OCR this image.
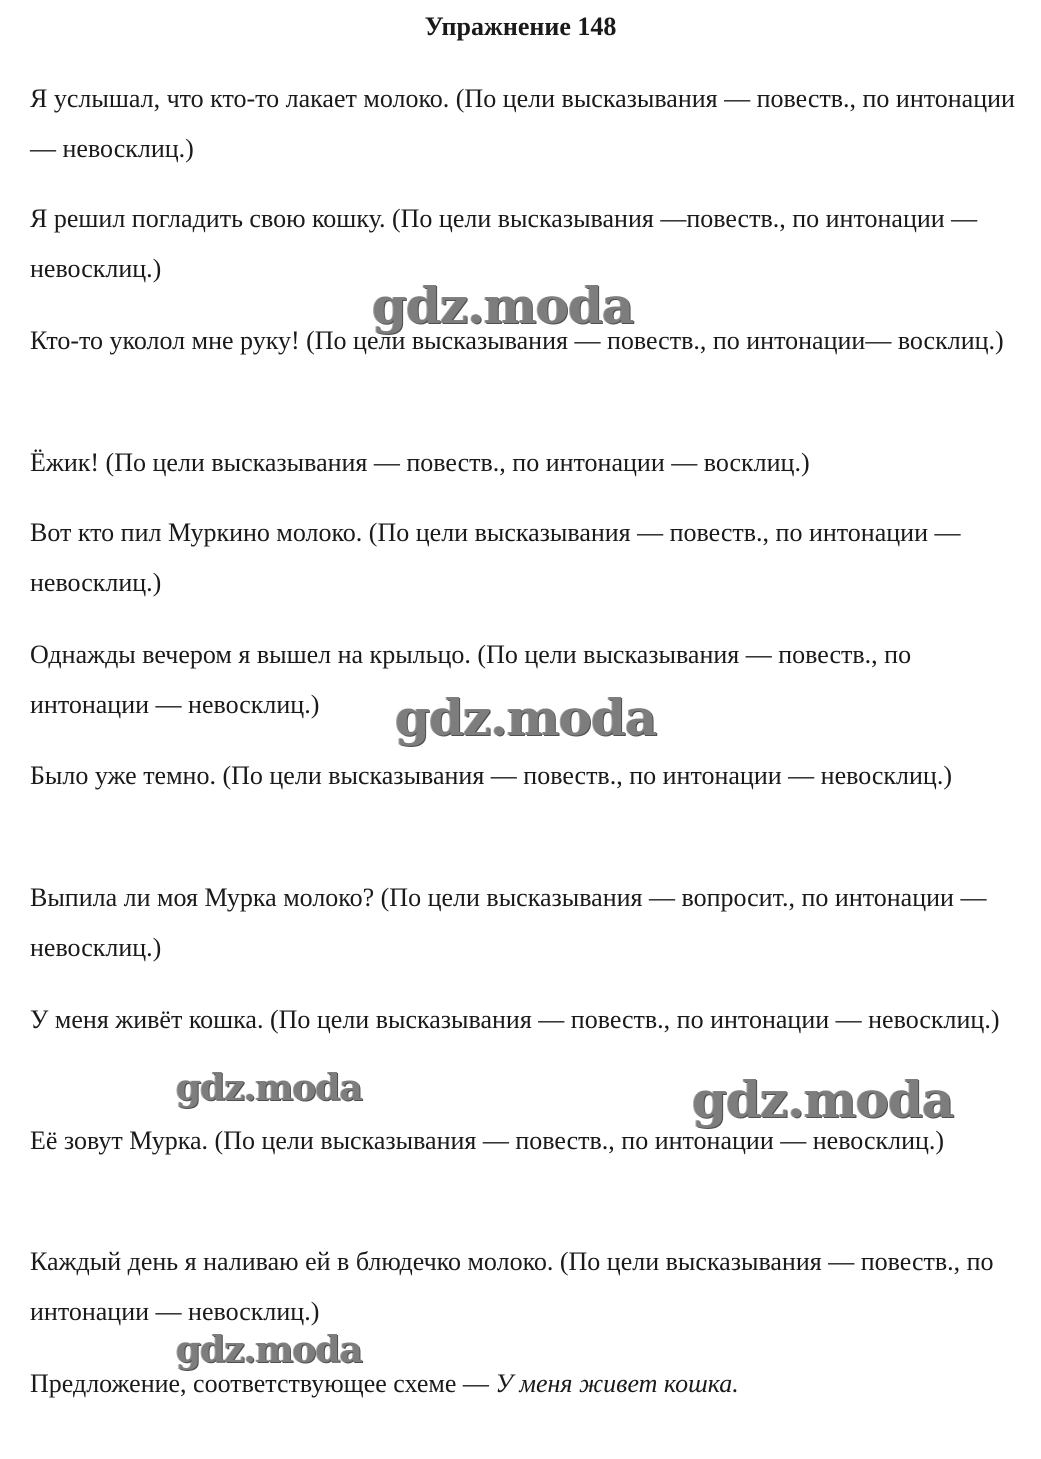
Упражнение 148

Я услышал, что кто-то лакает молоко. (По цели высказывания — повеств., по интонации — невосклиц.)

Я решил погладить свою кошку. (По цели высказывания —повеств., по интонации — невосклиц.)

Кто-то уколол мне руку! (По цели высказывания — повеств., по интонации— восклиц.)

Ёжик! (По цели высказывания — повеств., по интонации — восклиц.)

Вот кто пил Муркино молоко. (По цели высказывания — повеств., по интонации — невосклиц.)

Однажды вечером я вышел на крыльцо. (По цели высказывания — повеств., по интонации — невосклиц.)

Было уже темно. (По цели высказывания — повеств., по интонации — невосклиц.)

Выпила ли моя Мурка молоко? (По цели высказывания — вопросит., по интонации — невосклиц.)

У меня живёт кошка. (По цели высказывания — повеств., по интонации — невосклиц.)

Её зовут Мурка. (По цели высказывания — повеств., по интонации — невосклиц.)

Каждый день я наливаю ей в блюдечко молоко. (По цели высказывания — повеств., по интонации — невосклиц.)

Предложение, соответствующее схеме — У меня живет кошка.

gdz.moda
gdz.moda
gdz.moda	gdz.moda
gdz.moda
